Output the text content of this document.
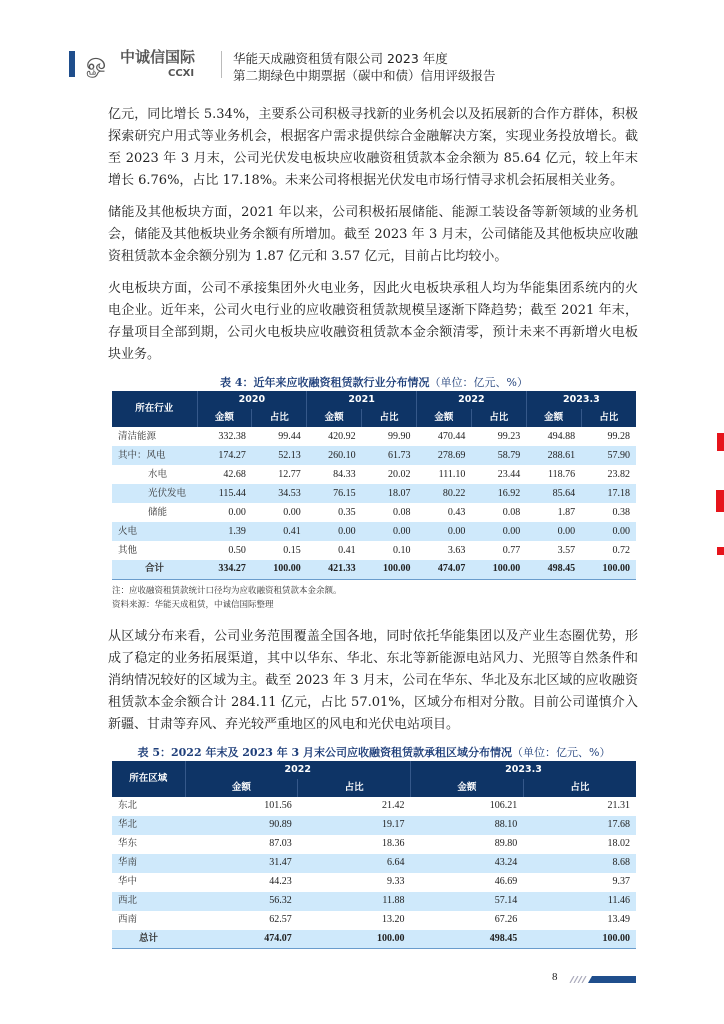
ௐ 中诚信国际
CCXI
华能天成融资租赁有限公司 2023 年度
第二期绿色中期票据（碳中和债）信用评级报告

亿元，同比增长 5.34%，主要系公司积极寻找新的业务机会以及拓展新的合作方群体，积极探索研究户用式等业务机会，根据客户需求提供综合金融解决方案，实现业务投放增长。截至 2023 年 3 月末，公司光伏发电板块应收融资租赁款本金余额为 85.64 亿元，较上年末增长 6.76%，占比 17.18%。未来公司将根据光伏发电市场行情寻求机会拓展相关业务。

储能及其他板块方面，2021 年以来，公司积极拓展储能、能源工装设备等新领域的业务机会，储能及其他板块业务余额有所增加。截至 2023 年 3 月末，公司储能及其他板块应收融资租赁款本金余额分别为 1.87 亿元和 3.57 亿元，目前占比均较小。

火电板块方面，公司不承接集团外火电业务，因此火电板块承租人均为华能集团系统内的火电企业。近年来，公司火电行业的应收融资租赁款规模呈逐渐下降趋势；截至 2021 年末，存量项目全部到期，公司火电板块应收融资租赁款本金余额清零，预计未来不再新增火电板块业务。

表 4：近年来应收融资租赁款行业分布情况（单位：亿元、%）
所在行业	2020		2021		2022		2023.3	
	金额	占比	金额	占比	金额	占比	金额	占比
清洁能源	332.38	99.44	420.92	99.90	470.44	99.23	494.88	99.28
其中：风电	174.27	52.13	260.10	61.73	278.69	58.79	288.61	57.90
水电	42.68	12.77	84.33	20.02	111.10	23.44	118.76	23.82
光伏发电	115.44	34.53	76.15	18.07	80.22	16.92	85.64	17.18
储能	0.00	0.00	0.35	0.08	0.43	0.08	1.87	0.38
火电	1.39	0.41	0.00	0.00	0.00	0.00	0.00	0.00
其他	0.50	0.15	0.41	0.10	3.63	0.77	3.57	0.72
合计	334.27	100.00	421.33	100.00	474.07	100.00	498.45	100.00
注：应收融资租赁款统计口径均为应收融资租赁款本金余额。
资料来源：华能天成租赁，中诚信国际整理

从区域分布来看，公司业务范围覆盖全国各地，同时依托华能集团以及产业生态圈优势，形成了稳定的业务拓展渠道，其中以华东、华北、东北等新能源电站风力、光照等自然条件和消纳情况较好的区域为主。截至 2023 年 3 月末，公司在华东、华北及东北区域的应收融资租赁款本金余额合计 284.11 亿元，占比 57.01%，区域分布相对分散。目前公司谨慎介入新疆、甘肃等弃风、弃光较严重地区的风电和光伏电站项目。

表 5：2022 年末及 2023 年 3 月末公司应收融资租赁款承租区域分布情况（单位：亿元、%）
所在区域	2022		2023.3	
	金额	占比	金额	占比
东北	101.56	21.42	106.21	21.31
华北	90.89	19.17	88.10	17.68
华东	87.03	18.36	89.80	18.02
华南	31.47	6.64	43.24	8.68
华中	44.23	9.33	46.69	9.37
西北	56.32	11.88	57.14	11.46
西南	62.57	13.20	67.26	13.49
总计	474.07	100.00	498.45	100.00
8
